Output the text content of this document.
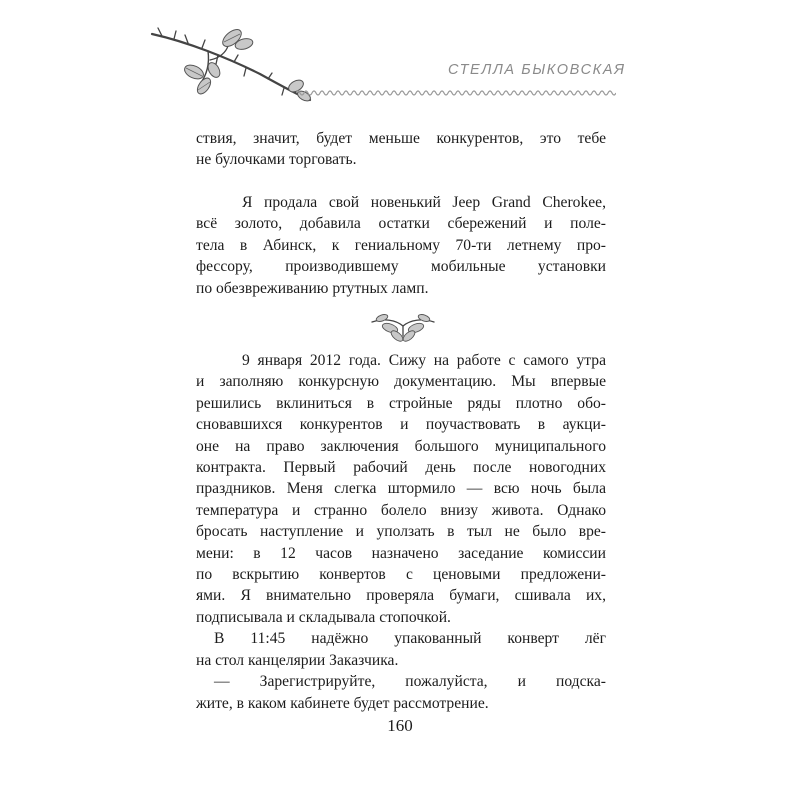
СТЕЛЛА БЫКОВСКАЯ
ствия, значит, будет меньше конкурентов, это тебе
не булочками торговать.
Я продала свой новенький Jeep Grand Cherokee,
всё золото, добавила остатки сбережений и поле-
тела в Абинск, к гениальному 70-ти летнему про-
фессору, производившему мобильные установки
по обезвреживанию ртутных ламп.
9 января 2012 года. Сижу на работе с самого утра
и заполняю конкурсную документацию. Мы впервые
решились вклиниться в стройные ряды плотно обо-
сновавшихся конкурентов и поучаствовать в аукци-
оне на право заключения большого муниципального
контракта. Первый рабочий день после новогодних
праздников. Меня слегка штормило — всю ночь была
температура и странно болело внизу живота. Однако
бросать наступление и уползать в тыл не было вре-
мени: в 12 часов назначено заседание комиссии
по вскрытию конвертов с ценовыми предложени-
ями. Я внимательно проверяла бумаги, сшивала их,
подписывала и складывала стопочкой.
В 11:45 надёжно упакованный конверт лёг
на стол канцелярии Заказчика.
— Зарегистрируйте, пожалуйста, и подска-
жите, в каком кабинете будет рассмотрение.
160
